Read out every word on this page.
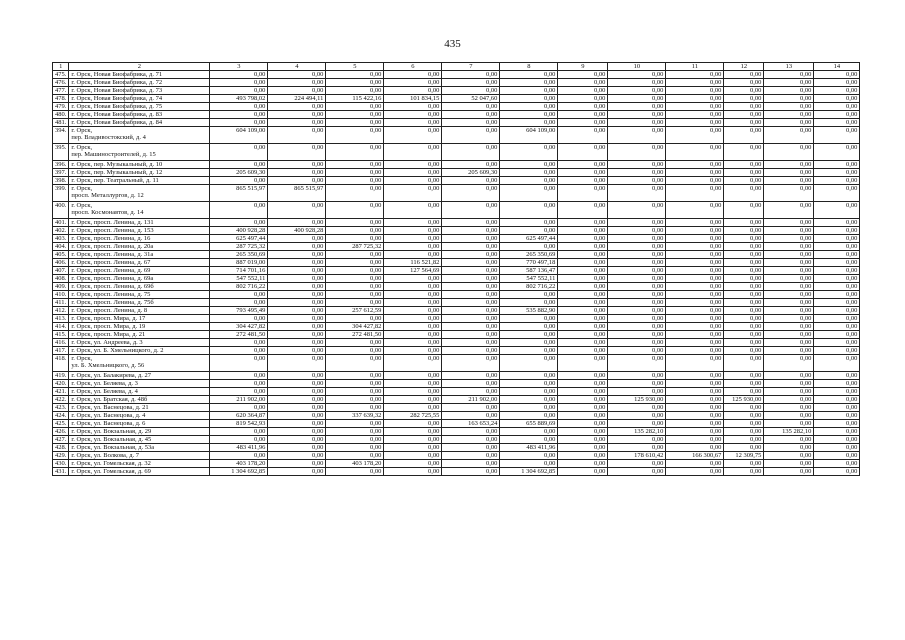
435
1	2	3	4	5	6	7	8	9	10	11	12	13	14
475.	г. Орск, Новая Биофабрика, д. 71	0,00	0,00	0,00	0,00	0,00	0,00	0,00	0,00	0,00	0,00	0,00	0,00
476.	г. Орск, Новая Биофабрика, д. 72	0,00	0,00	0,00	0,00	0,00	0,00	0,00	0,00	0,00	0,00	0,00	0,00
477.	г. Орск, Новая Биофабрика, д. 73	0,00	0,00	0,00	0,00	0,00	0,00	0,00	0,00	0,00	0,00	0,00	0,00
478.	г. Орск, Новая Биофабрика, д. 74	493 798,02	224 494,11	115 422,16	101 834,15	52 047,60	0,00	0,00	0,00	0,00	0,00	0,00	0,00
479.	г. Орск, Новая Биофабрика, д. 75	0,00	0,00	0,00	0,00	0,00	0,00	0,00	0,00	0,00	0,00	0,00	0,00
480.	г. Орск, Новая Биофабрика, д. 83	0,00	0,00	0,00	0,00	0,00	0,00	0,00	0,00	0,00	0,00	0,00	0,00
481.	г. Орск, Новая Биофабрика, д. 84	0,00	0,00	0,00	0,00	0,00	0,00	0,00	0,00	0,00	0,00	0,00	0,00
394.	г. Орск,
пер. Владивостокский, д. 4	604 109,00	0,00	0,00	0,00	0,00	604 109,00	0,00	0,00	0,00	0,00	0,00	0,00
395.	г. Орск,
пер. Машиностроителей, д. 15	0,00	0,00	0,00	0,00	0,00	0,00	0,00	0,00	0,00	0,00	0,00	0,00
396.	г. Орск, пер. Музыкальный, д. 10	0,00	0,00	0,00	0,00	0,00	0,00	0,00	0,00	0,00	0,00	0,00	0,00
397.	г. Орск, пер. Музыкальный, д. 12	205 609,30	0,00	0,00	0,00	205 609,30	0,00	0,00	0,00	0,00	0,00	0,00	0,00
398.	г. Орск, пер. Театральный, д. 11	0,00	0,00	0,00	0,00	0,00	0,00	0,00	0,00	0,00	0,00	0,00	0,00
399.	г. Орск,
просп. Металлургов, д. 12	865 515,97	865 515,97	0,00	0,00	0,00	0,00	0,00	0,00	0,00	0,00	0,00	0,00
400.	г. Орск,
просп. Космонавтов, д. 14	0,00	0,00	0,00	0,00	0,00	0,00	0,00	0,00	0,00	0,00	0,00	0,00
401.	г. Орск, просп. Ленина, д. 131	0,00	0,00	0,00	0,00	0,00	0,00	0,00	0,00	0,00	0,00	0,00	0,00
402.	г. Орск, просп. Ленина, д. 153	400 928,28	400 928,28	0,00	0,00	0,00	0,00	0,00	0,00	0,00	0,00	0,00	0,00
403.	г. Орск, просп. Ленина, д. 16	625 497,44	0,00	0,00	0,00	0,00	625 497,44	0,00	0,00	0,00	0,00	0,00	0,00
404.	г. Орск, просп. Ленина, д. 20а	287 725,32	0,00	287 725,32	0,00	0,00	0,00	0,00	0,00	0,00	0,00	0,00	0,00
405.	г. Орск, просп. Ленина, д. 31а	265 350,69	0,00	0,00	0,00	0,00	265 350,69	0,00	0,00	0,00	0,00	0,00	0,00
406.	г. Орск, просп. Ленина, д. 67	887 019,00	0,00	0,00	116 521,82	0,00	770 497,18	0,00	0,00	0,00	0,00	0,00	0,00
407.	г. Орск, просп. Ленина, д. 69	714 701,16	0,00	0,00	127 564,69	0,00	587 136,47	0,00	0,00	0,00	0,00	0,00	0,00
408.	г. Орск, просп. Ленина, д. 69а	547 552,11	0,00	0,00	0,00	0,00	547 552,11	0,00	0,00	0,00	0,00	0,00	0,00
409.	г. Орск, просп. Ленина, д. 69б	802 716,22	0,00	0,00	0,00	0,00	802 716,22	0,00	0,00	0,00	0,00	0,00	0,00
410.	г. Орск, просп. Ленина, д. 75	0,00	0,00	0,00	0,00	0,00	0,00	0,00	0,00	0,00	0,00	0,00	0,00
411.	г. Орск, просп. Ленина, д. 75б	0,00	0,00	0,00	0,00	0,00	0,00	0,00	0,00	0,00	0,00	0,00	0,00
412.	г. Орск, просп. Ленина, д. 8	793 495,49	0,00	257 612,59	0,00	0,00	535 882,90	0,00	0,00	0,00	0,00	0,00	0,00
413.	г. Орск, просп. Мира, д. 17	0,00	0,00	0,00	0,00	0,00	0,00	0,00	0,00	0,00	0,00	0,00	0,00
414.	г. Орск, просп. Мира, д. 19	304 427,82	0,00	304 427,82	0,00	0,00	0,00	0,00	0,00	0,00	0,00	0,00	0,00
415.	г. Орск, просп. Мира, д. 21	272 481,50	0,00	272 481,50	0,00	0,00	0,00	0,00	0,00	0,00	0,00	0,00	0,00
416.	г. Орск, ул. Андреева, д. 3	0,00	0,00	0,00	0,00	0,00	0,00	0,00	0,00	0,00	0,00	0,00	0,00
417.	г. Орск, ул. Б. Хмельницкого, д. 2	0,00	0,00	0,00	0,00	0,00	0,00	0,00	0,00	0,00	0,00	0,00	0,00
418.	г. Орск,
ул. Б. Хмельницкого, д. 56	0,00	0,00	0,00	0,00	0,00	0,00	0,00	0,00	0,00	0,00	0,00	0,00
419.	г. Орск, ул. Балакирева, д. 27	0,00	0,00	0,00	0,00	0,00	0,00	0,00	0,00	0,00	0,00	0,00	0,00
420.	г. Орск, ул. Беляева, д. 3	0,00	0,00	0,00	0,00	0,00	0,00	0,00	0,00	0,00	0,00	0,00	0,00
421.	г. Орск, ул. Беляева, д. 4	0,00	0,00	0,00	0,00	0,00	0,00	0,00	0,00	0,00	0,00	0,00	0,00
422.	г. Орск, ул. Братская, д. 48б	211 902,00	0,00	0,00	0,00	211 902,00	0,00	0,00	125 930,00	0,00	125 930,00	0,00	0,00
423.	г. Орск, ул. Васнецова, д. 21	0,00	0,00	0,00	0,00	0,00	0,00	0,00	0,00	0,00	0,00	0,00	0,00
424.	г. Орск, ул. Васнецова, д. 4	620 364,87	0,00	337 639,32	282 725,55	0,00	0,00	0,00	0,00	0,00	0,00	0,00	0,00
425.	г. Орск, ул. Васнецова, д. 6	819 542,93	0,00	0,00	0,00	163 653,24	655 889,69	0,00	0,00	0,00	0,00	0,00	0,00
426.	г. Орск, ул. Вокзальная, д. 29	0,00	0,00	0,00	0,00	0,00	0,00	0,00	135 282,10	0,00	0,00	135 282,10	0,00
427.	г. Орск, ул. Вокзальная, д. 45	0,00	0,00	0,00	0,00	0,00	0,00	0,00	0,00	0,00	0,00	0,00	0,00
428.	г. Орск, ул. Вокзальная, д. 53а	483 411,96	0,00	0,00	0,00	0,00	483 411,96	0,00	0,00	0,00	0,00	0,00	0,00
429.	г. Орск, ул. Волкова, д. 7	0,00	0,00	0,00	0,00	0,00	0,00	0,00	178 610,42	166 300,67	12 309,75	0,00	0,00
430.	г. Орск, ул. Гомельская, д. 32	403 178,20	0,00	403 178,20	0,00	0,00	0,00	0,00	0,00	0,00	0,00	0,00	0,00
431.	г. Орск, ул. Гомельская, д. 69	1 304 692,85	0,00	0,00	0,00	0,00	1 304 692,85	0,00	0,00	0,00	0,00	0,00	0,00
